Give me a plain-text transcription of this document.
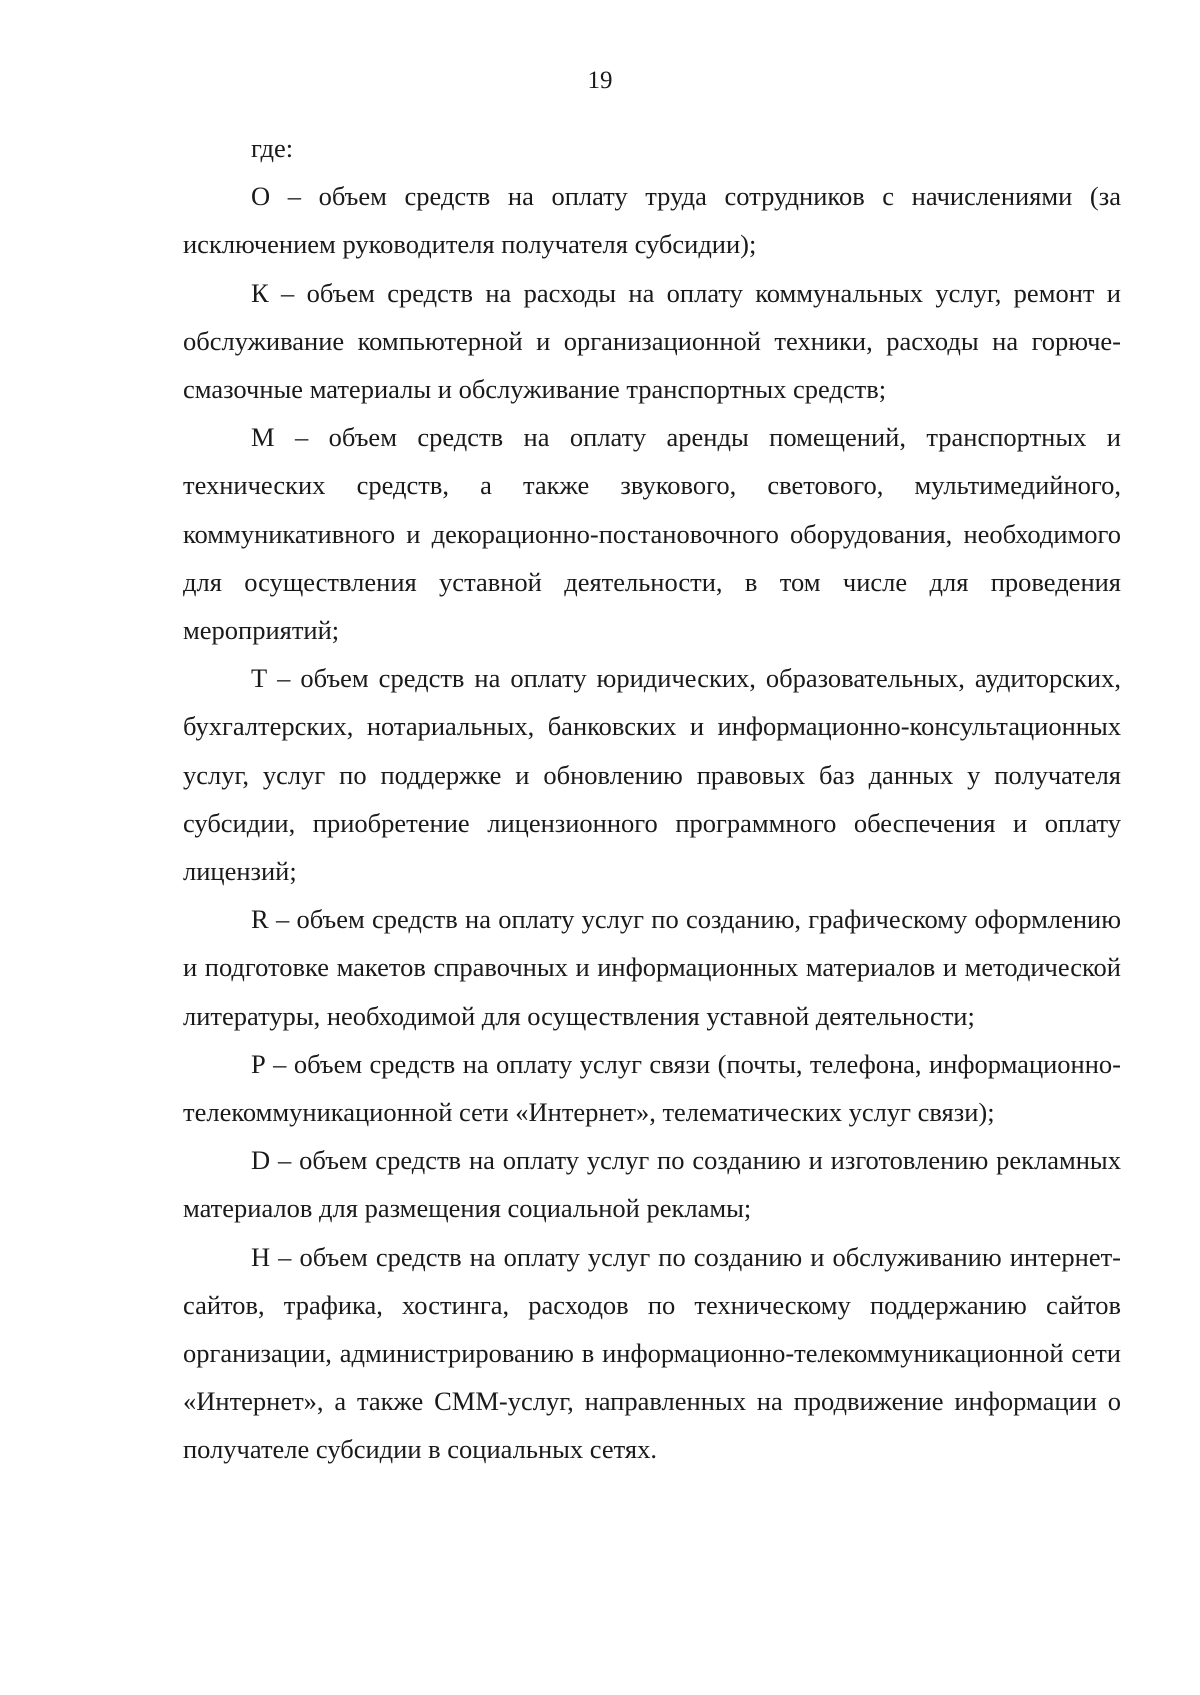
19

где:

О – объем средств на оплату труда сотрудников с начислениями (за исключением руководителя получателя субсидии);

К – объем средств на расходы на оплату коммунальных услуг, ремонт и обслуживание компьютерной и организационной техники, расходы на горюче-смазочные материалы и обслуживание транспортных средств;

М – объем средств на оплату аренды помещений, транспортных и технических средств, а также звукового, светового, мультимедийного, коммуникативного и декорационно-постановочного оборудования, необходимого для осуществления уставной деятельности, в том числе для проведения мероприятий;

Т – объем средств на оплату юридических, образовательных, аудиторских, бухгалтерских, нотариальных, банковских и информационно-консультационных услуг, услуг по поддержке и обновлению правовых баз данных у получателя субсидии, приобретение лицензионного программного обеспечения и оплату лицензий;

R – объем средств на оплату услуг по созданию, графическому оформлению и подготовке макетов справочных и информационных материалов и методической литературы, необходимой для осуществления уставной деятельности;

Р – объем средств на оплату услуг связи (почты, телефона, информационно-телекоммуникационной сети «Интернет», телематических услуг связи);

D – объем средств на оплату услуг по созданию и изготовлению рекламных материалов для размещения социальной рекламы;

Н – объем средств на оплату услуг по созданию и обслуживанию интернет-сайтов, трафика, хостинга, расходов по техническому поддержанию сайтов организации, администрированию в информационно-телекоммуникационной сети «Интернет», а также СММ-услуг, направленных на продвижение информации о получателе субсидии в социальных сетях.
